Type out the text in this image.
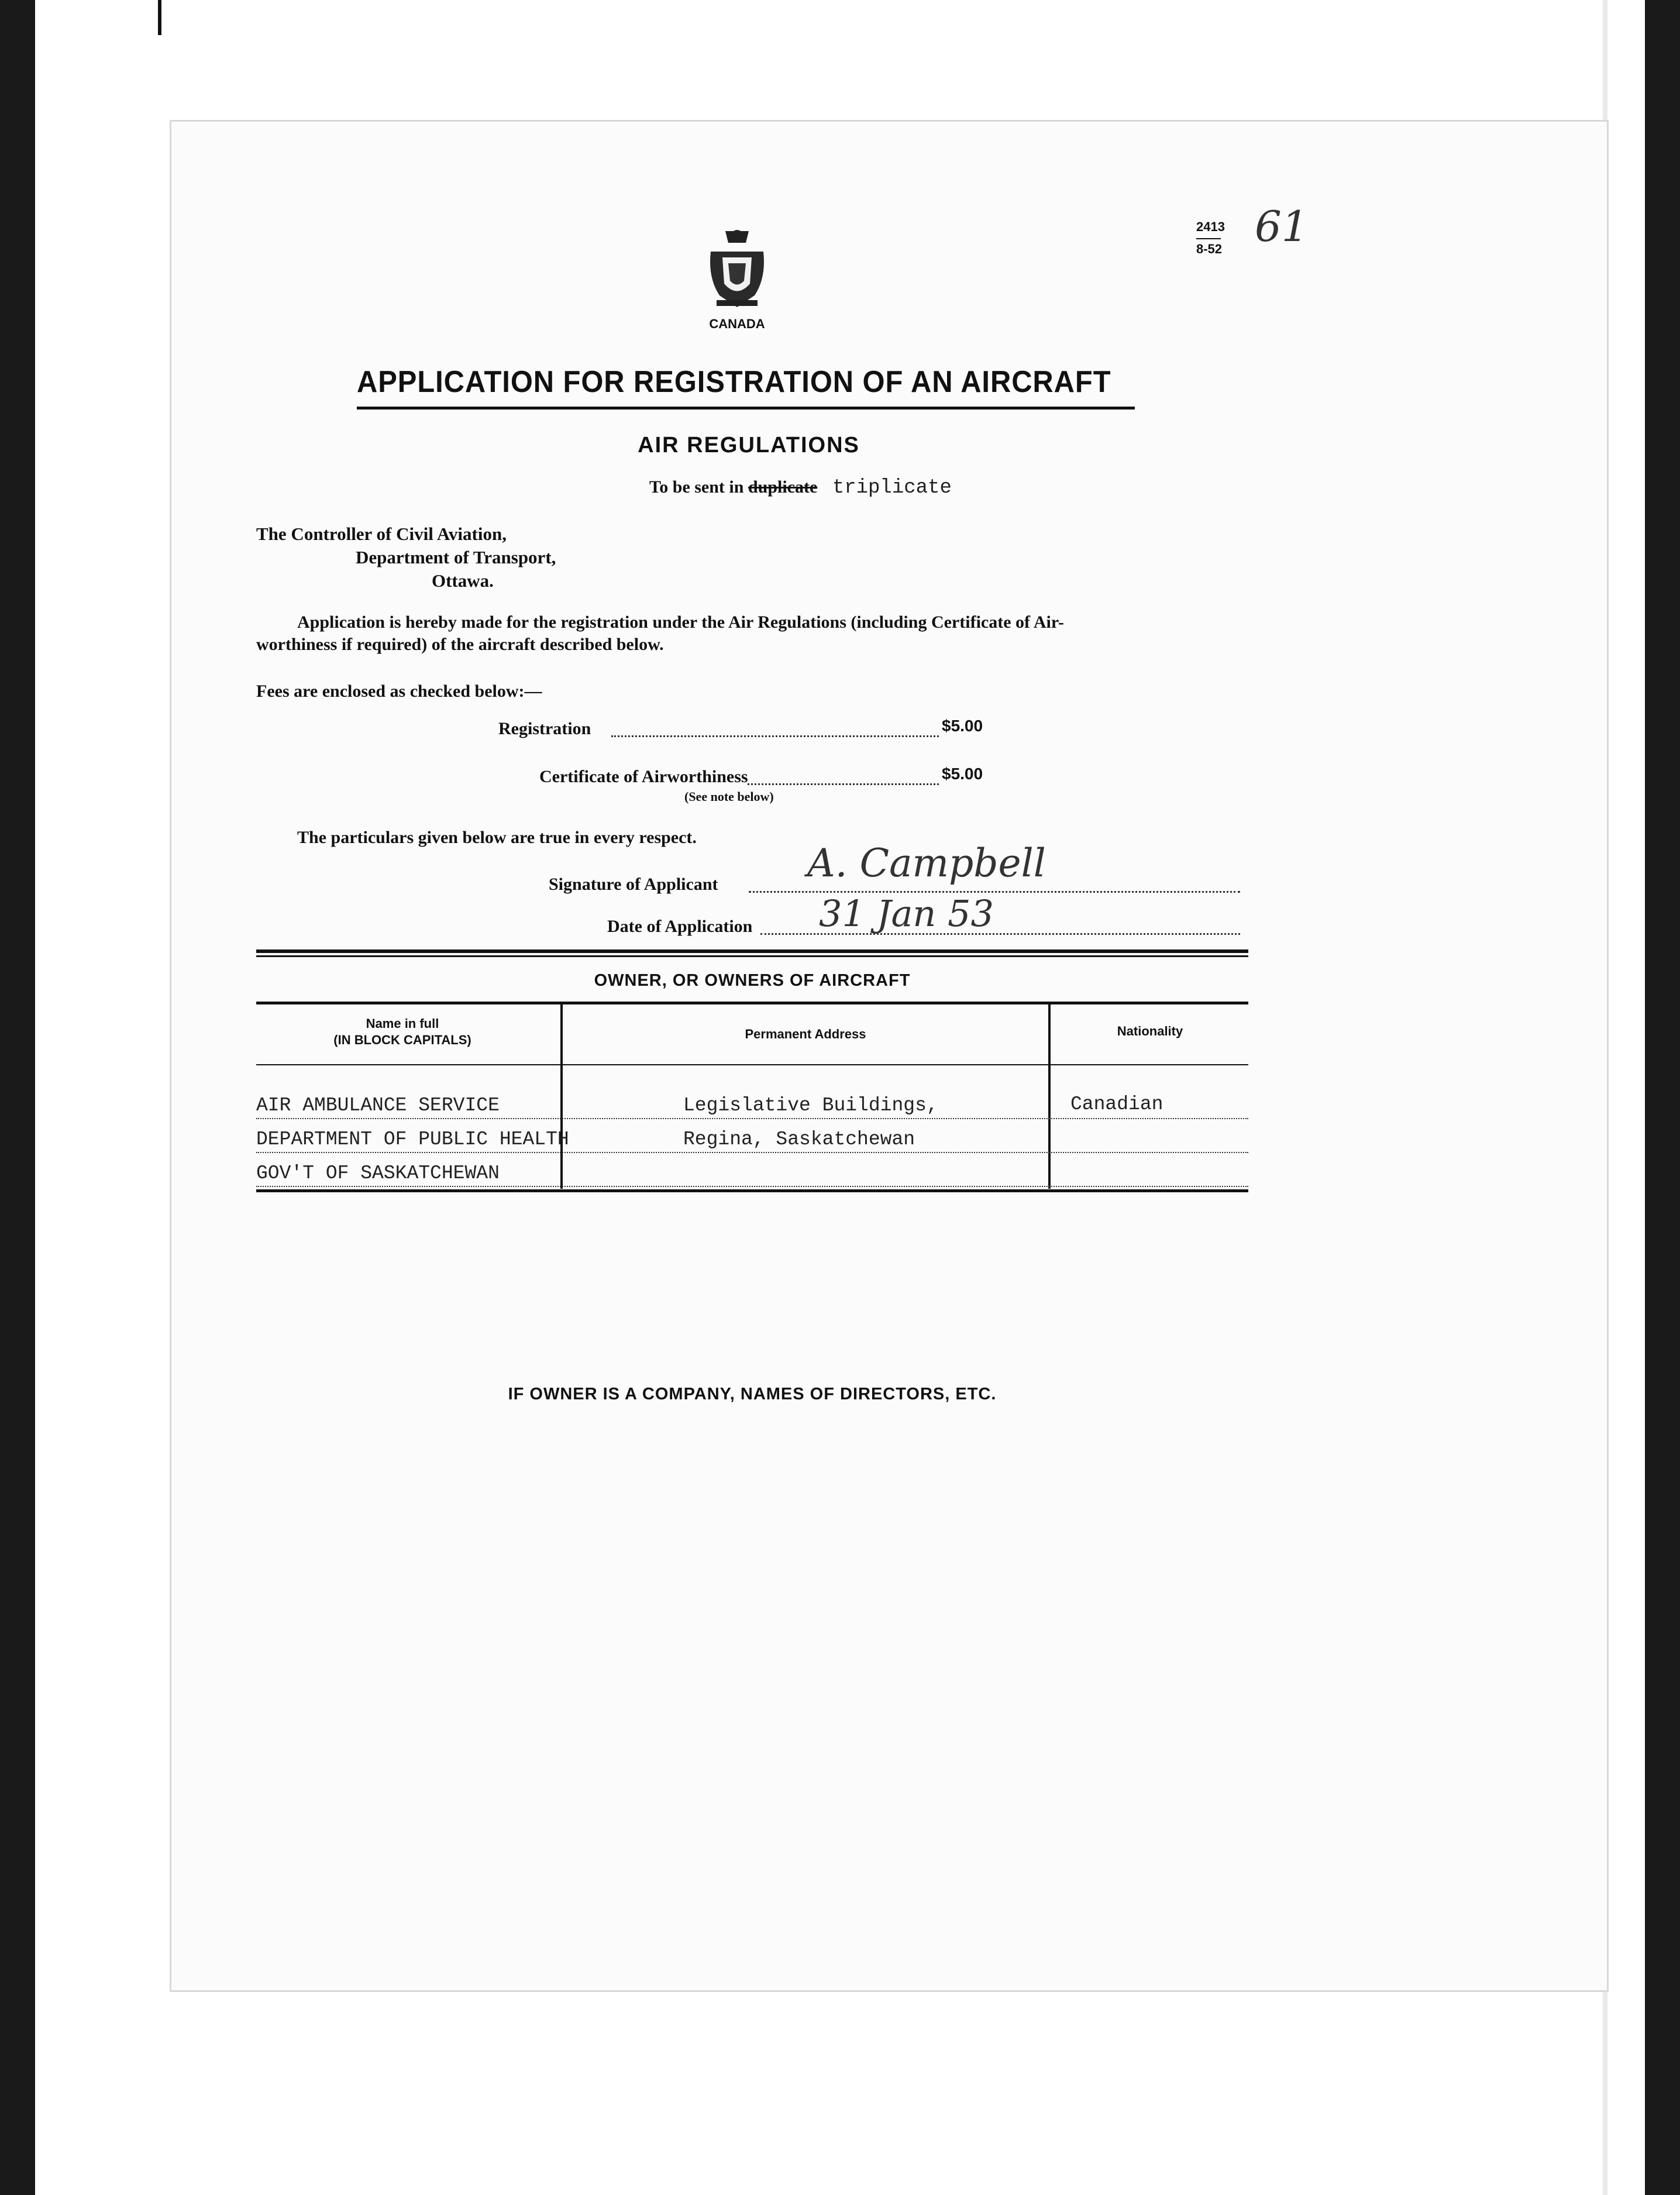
2413
8-52 61
CANADA
APPLICATION FOR REGISTRATION OF AN AIRCRAFT
AIR REGULATIONS
To be sent in duplicate triplicate
The Controller of Civil Aviation,
Department of Transport,
Ottawa.
Application is hereby made for the registration under the Air Regulations (including Certificate of Air-
worthiness if required) of the aircraft described below.
Fees are enclosed as checked below:—
Registration	$5.00
Certificate of Airworthiness	$5.00
(See note below)
The particulars given below are true in every respect.
Signature of Applicant A. Campbell
Date of Application 31 Jan 53
OWNER, OR OWNERS OF AIRCRAFT
Name in full
(IN BLOCK CAPITALS)	Permanent Address	Nationality
AIR AMBULANCE SERVICE	Legislative Buildings,	Canadian
DEPARTMENT OF PUBLIC HEALTH	Regina, Saskatchewan
GOV'T OF SASKATCHEWAN
IF OWNER IS A COMPANY, NAMES OF DIRECTORS, ETC.
